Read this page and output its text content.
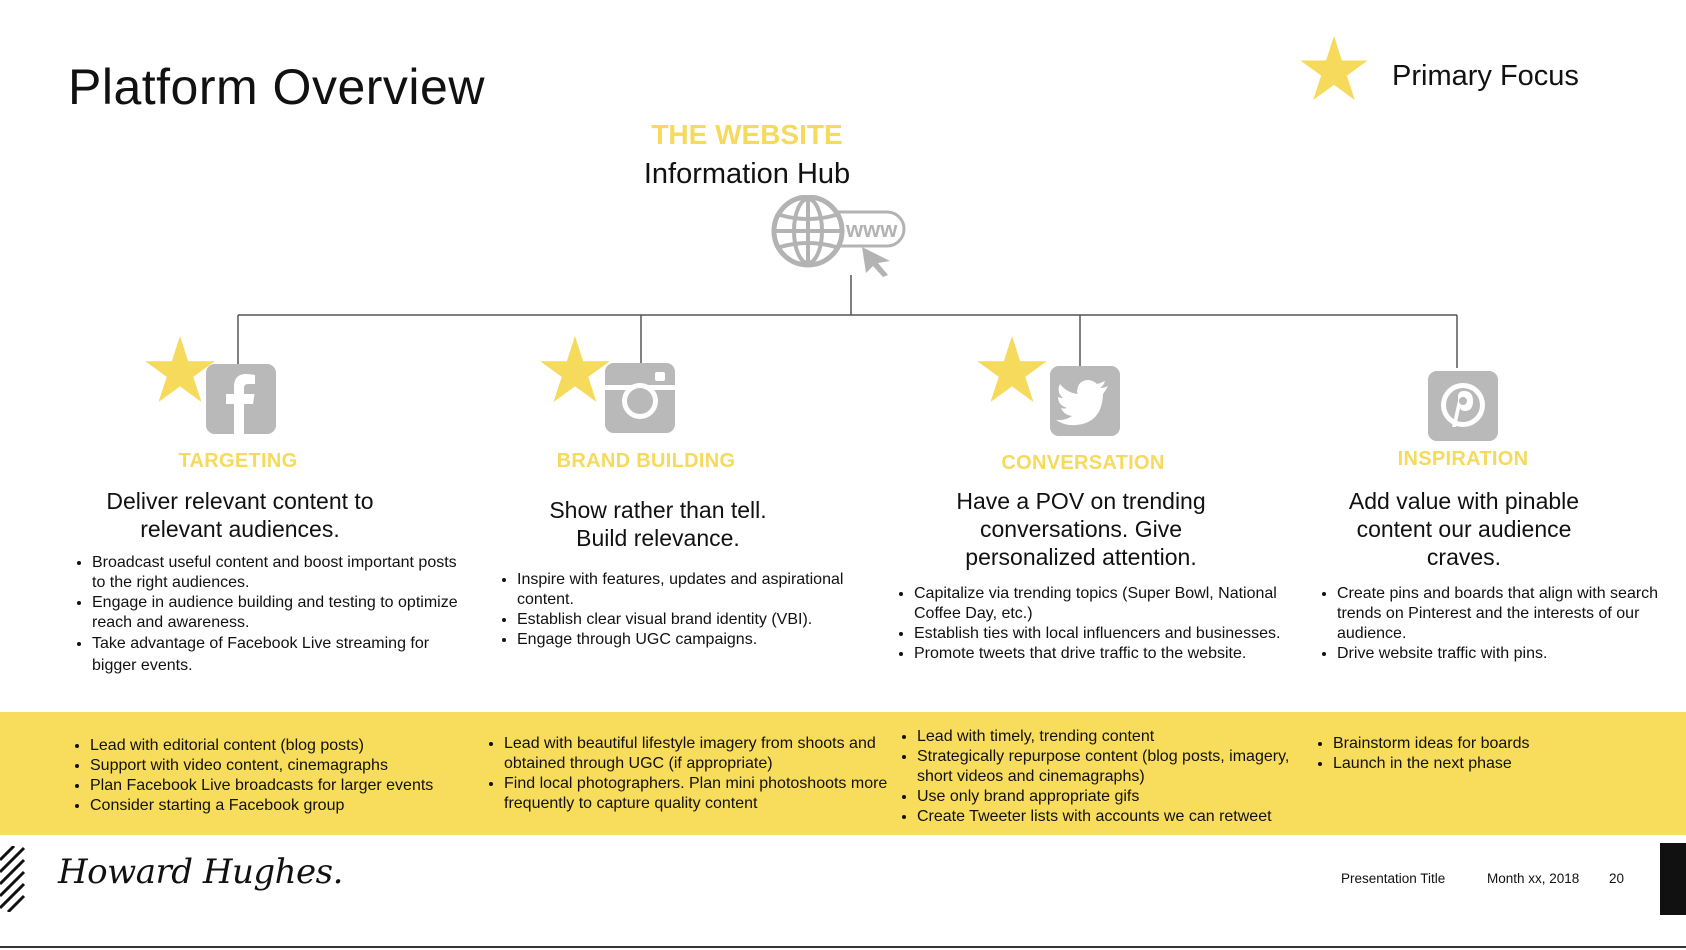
Platform Overview	Primary Focus
THE WEBSITE
Information Hub
www
TARGETING
Deliver relevant content to relevant audiences.
• Broadcast useful content and boost important posts to the right audiences.
• Engage in audience building and testing to optimize reach and awareness.
• Take advantage of Facebook Live streaming for bigger events.
BRAND BUILDING
Show rather than tell. Build relevance.
• Inspire with features, updates and aspirational content.
• Establish clear visual brand identity (VBI).
• Engage through UGC campaigns.
CONVERSATION
Have a POV on trending conversations. Give personalized attention.
• Capitalize via trending topics (Super Bowl, National Coffee Day, etc.)
• Establish ties with local influencers and businesses.
• Promote tweets that drive traffic to the website.
INSPIRATION
Add value with pinable content our audience craves.
• Create pins and boards that align with search trends on Pinterest and the interests of our audience.
• Drive website traffic with pins.
• Lead with editorial content (blog posts)
• Support with video content, cinemagraphs
• Plan Facebook Live broadcasts for larger events
• Consider starting a Facebook group
• Lead with beautiful lifestyle imagery from shoots and obtained through UGC (if appropriate)
• Find local photographers. Plan mini photoshoots more frequently to capture quality content
• Lead with timely, trending content
• Strategically repurpose content (blog posts, imagery, short videos and cinemagraphs)
• Use only brand appropriate gifs
• Create Tweeter lists with accounts we can retweet
• Brainstorm ideas for boards
• Launch in the next phase
Howard Hughes.	Presentation Title	Month xx, 2018 20
